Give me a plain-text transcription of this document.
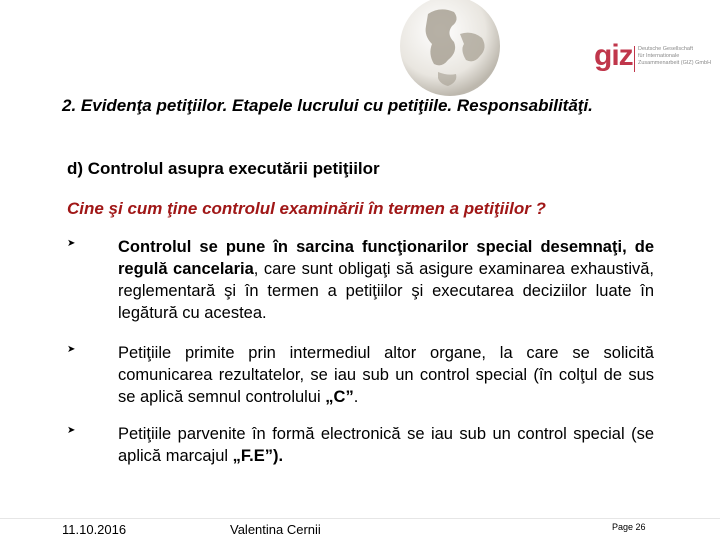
giz Deutsche Gesellschaft
für Internationale
Zusammenarbeit (GIZ) GmbH
2. Evidenţa petiţiilor. Etapele lucrului cu petiţiile. Responsabilităţi.
d) Controlul asupra executării petiţiilor
Cine şi cum ţine controlul examinării în termen a petiţiilor ?
➤	Controlul se pune în sarcina funcţionarilor special desemnaţi, de regulă cancelaria, care sunt obligaţi să asigure examinarea exhaustivă, reglementară şi în termen a petiţiilor şi executarea deciziilor luate în legătură cu acestea.
➤	Petiţiile primite prin intermediul altor organe, la care se solicită comunicarea rezultatelor, se iau sub un control special (în colţul de sus se aplică semnul controlului „C”.
➤	Petiţiile parvenite în formă electronică se iau sub un control special (se aplică marcajul „F.E”).
11.10.2016	Valentina Cernii	Page 26
